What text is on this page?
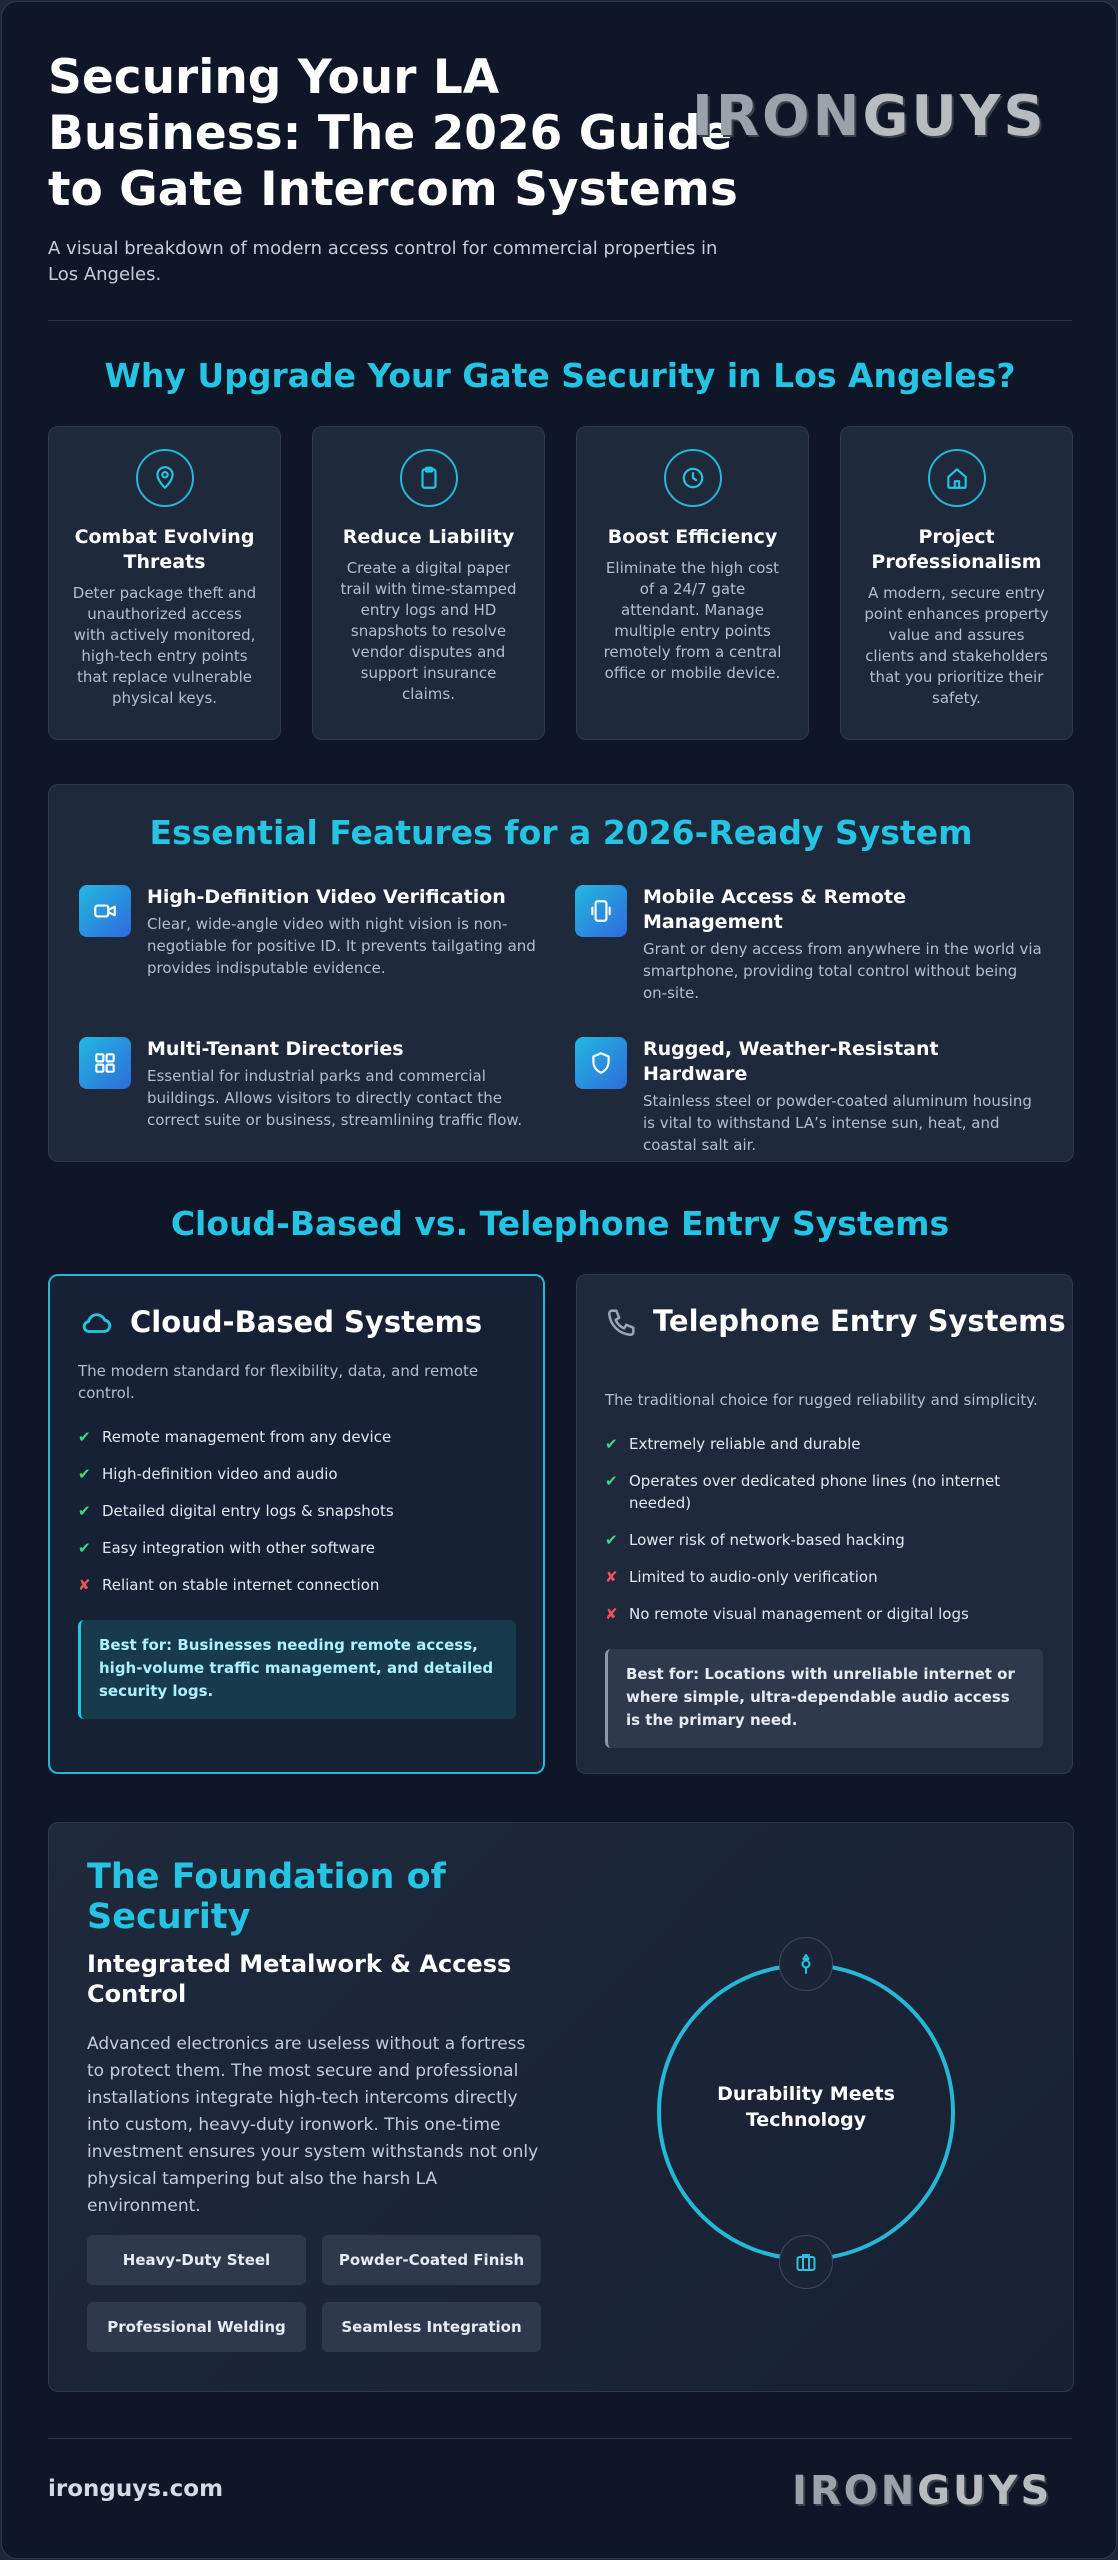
Securing Your LA Business: The 2026 Guide to Gate Intercom Systems
A visual breakdown of modern access control for commercial properties in Los Angeles.
IRONGUYS
Why Upgrade Your Gate Security in Los Angeles?
Combat Evolving Threats

Deter package theft and unauthorized access with actively monitored, high-tech entry points that replace vulnerable physical keys.

Reduce Liability

Create a digital paper trail with time-stamped entry logs and HD snapshots to resolve vendor disputes and support insurance claims.

Boost Efficiency

Eliminate the high cost of a 24/7 gate attendant. Manage multiple entry points remotely from a central office or mobile device.

Project Professionalism

A modern, secure entry point enhances property value and assures clients and stakeholders that you prioritize their safety.

Essential Features for a 2026-Ready System
High-Definition Video Verification

Clear, wide-angle video with night vision is non-negotiable for positive ID. It prevents tailgating and provides indisputable evidence.

Mobile Access & Remote Management

Grant or deny access from anywhere in the world via smartphone, providing total control without being on-site.

Multi-Tenant Directories

Essential for industrial parks and commercial buildings. Allows visitors to directly contact the correct suite or business, streamlining traffic flow.

Rugged, Weather-Resistant Hardware

Stainless steel or powder-coated aluminum housing is vital to withstand LA’s intense sun, heat, and coastal salt air.

Cloud-Based vs. Telephone Entry Systems
Cloud-Based Systems
The modern standard for flexibility, data, and remote control.
✔ Remote management from any device
✔ High-definition video and audio
✔ Detailed digital entry logs & snapshots
✔ Easy integration with other software
✘ Reliant on stable internet connection
Best for: Businesses needing remote access, high-volume traffic management, and detailed security logs.
Telephone Entry Systems
The traditional choice for rugged reliability and simplicity.
✔ Extremely reliable and durable
✔ Operates over dedicated phone lines (no internet needed)
✔ Lower risk of network-based hacking
✘ Limited to audio-only verification
✘ No remote visual management or digital logs
Best for: Locations with unreliable internet or where simple, ultra-dependable audio access is the primary need.
The Foundation of Security
Integrated Metalwork & Access Control

Advanced electronics are useless without a fortress to protect them. The most secure and professional installations integrate high-tech intercoms directly into custom, heavy-duty ironwork. This one-time investment ensures your system withstands not only physical tampering but also the harsh LA environment.

Heavy-Duty Steel	Powder-Coated Finish
Professional Welding	Seamless Integration
Durability Meets Technology
ironguys.com	IRONGUYS
